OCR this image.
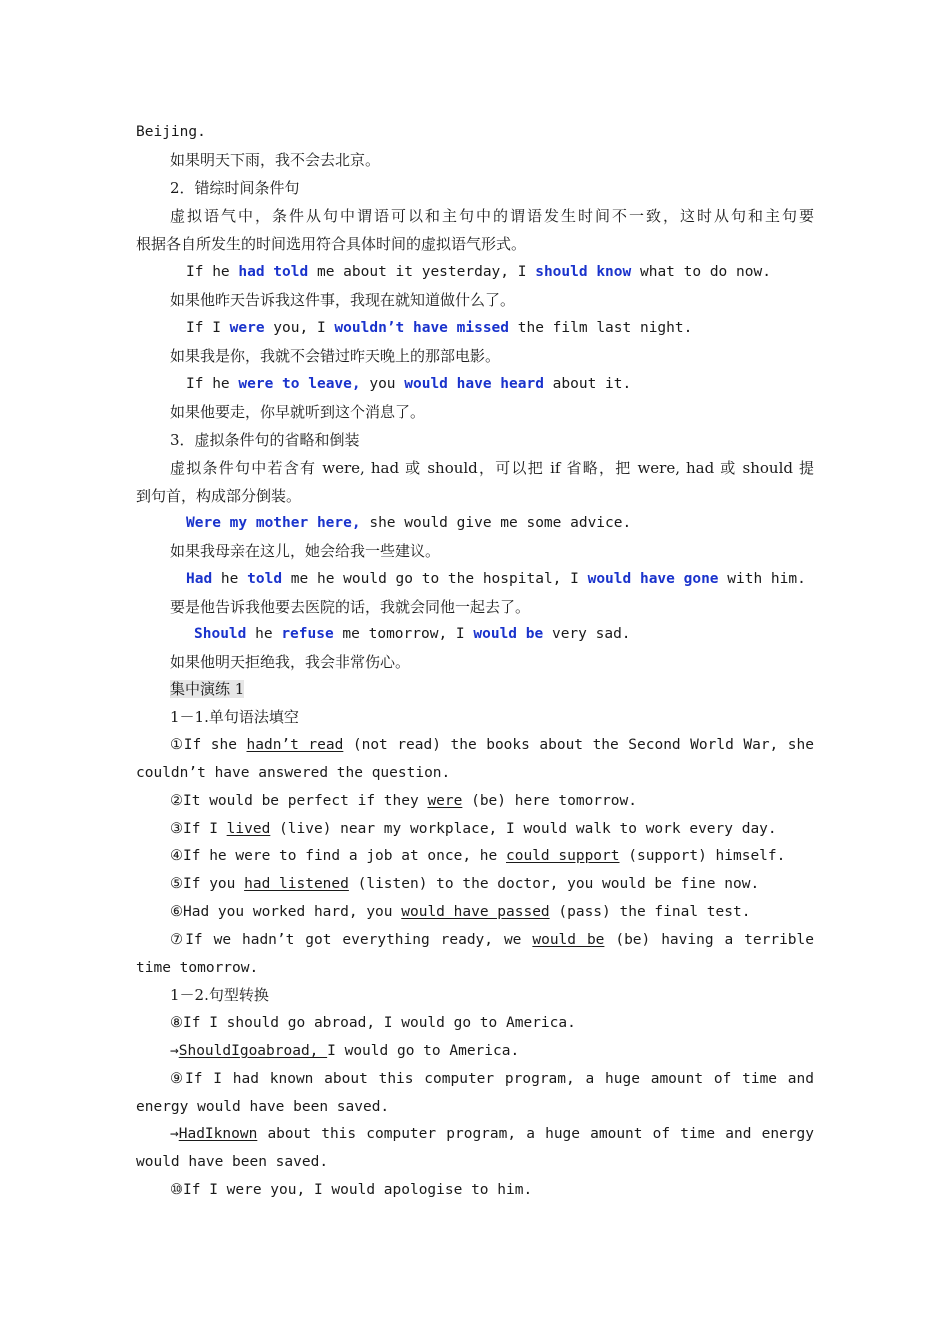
Beijing.
如果明天下雨，我不会去北京。
2．错综时间条件句
虚拟语气中，条件从句中谓语可以和主句中的谓语发生时间不一致，这时从句和主句要
根据各自所发生的时间选用符合具体时间的虚拟语气形式。
If he had told me about it yesterday, I should know what to do now.
如果他昨天告诉我这件事，我现在就知道做什么了。
If I were you, I wouldn’t have missed the film last night.
如果我是你，我就不会错过昨天晚上的那部电影。
If he were to leave, you would have heard about it.
如果他要走，你早就听到这个消息了。
3．虚拟条件句的省略和倒装
虚拟条件句中若含有 were, had 或 should，可以把 if 省略，把 were, had 或 should 提
到句首，构成部分倒装。
Were my mother here, she would give me some advice.
如果我母亲在这儿，她会给我一些建议。
Had he told me he would go to the hospital, I would have gone with him.
要是他告诉我他要去医院的话，我就会同他一起去了。
Should he refuse me tomorrow, I would be very sad.
如果他明天拒绝我，我会非常伤心。
集中演练 1
1－1.单句语法填空
①If she hadn’t read (not read) the books about the Second World War, she
couldn’t have answered the question.
②It would be perfect if they were (be) here tomorrow.
③If I lived (live) near my workplace, I would walk to work every day.
④If he were to find a job at once, he could support (support) himself.
⑤If you had listened (listen) to the doctor, you would be fine now.
⑥Had you worked hard, you would have passed (pass) the final test.
⑦If we hadn’t got everything ready, we would be (be) having a terrible
time tomorrow.
1－2.句型转换
⑧If I should go abroad, I would go to America.
→ShouldIgoabroad, I would go to America.
⑨If I had known about this computer program, a huge amount of time and
energy would have been saved.
→HadIknown about this computer program, a huge amount of time and energy
would have been saved.
⑩If I were you, I would apologise to him.
